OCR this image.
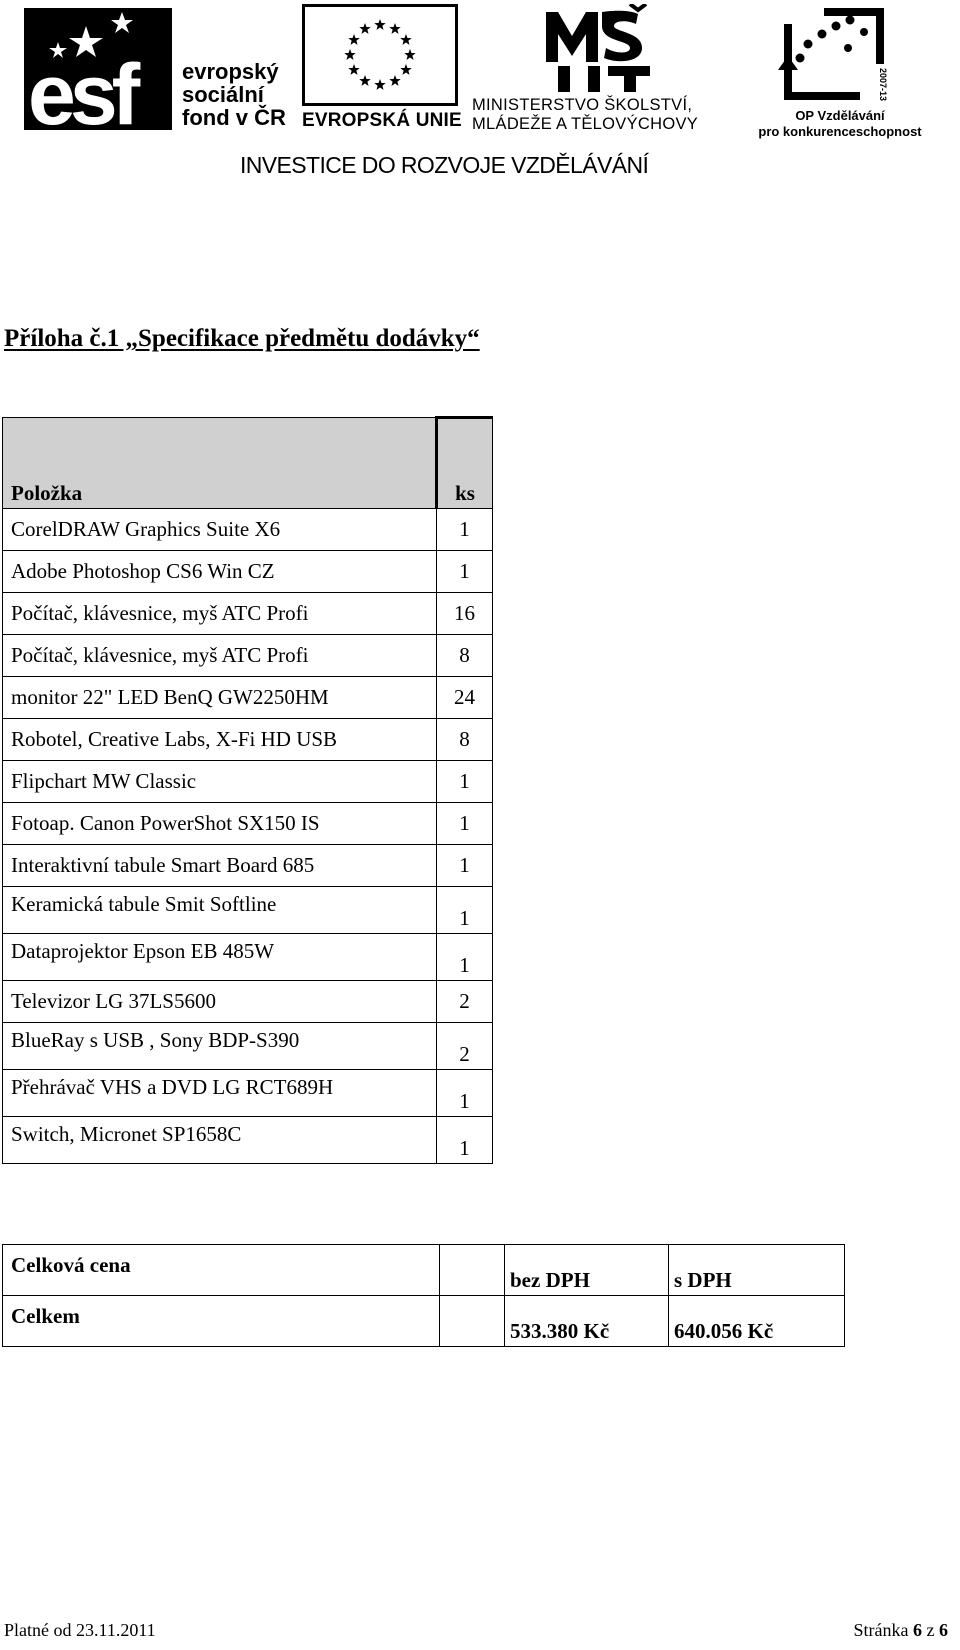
esf evropský
sociální
fond v ČR EVROPSKÁ UNIE
MINISTERSTVO ŠKOLSTVÍ,
MLÁDEŽE A TĚLOVÝCHOVY
2007-13
OP Vzdělávání
pro konkurenceschopnost
INVESTICE DO ROZVOJE VZDĚLÁVÁNÍ
Příloha č.1 „Specifikace předmětu dodávky“
Položka	ks
CorelDRAW Graphics Suite X6	1
Adobe Photoshop CS6 Win CZ	1
Počítač, klávesnice, myš ATC Profi	16
Počítač, klávesnice, myš ATC Profi	8
monitor 22" LED BenQ GW2250HM	24
Robotel, Creative Labs, X-Fi HD USB	8
Flipchart MW Classic	1
Fotoap. Canon PowerShot SX150 IS	1
Interaktivní tabule Smart Board 685	1
Keramická tabule Smit Softline	1
Dataprojektor Epson EB 485W	1
Televizor LG 37LS5600	2
BlueRay s USB , Sony BDP-S390	2
Přehrávač VHS a DVD LG RCT689H	1
Switch, Micronet SP1658C	1
Celková cena		bez DPH	s DPH
Celkem		533.380 Kč	640.056 Kč
Platné od 23.11.2011	Stránka 6 z 6
